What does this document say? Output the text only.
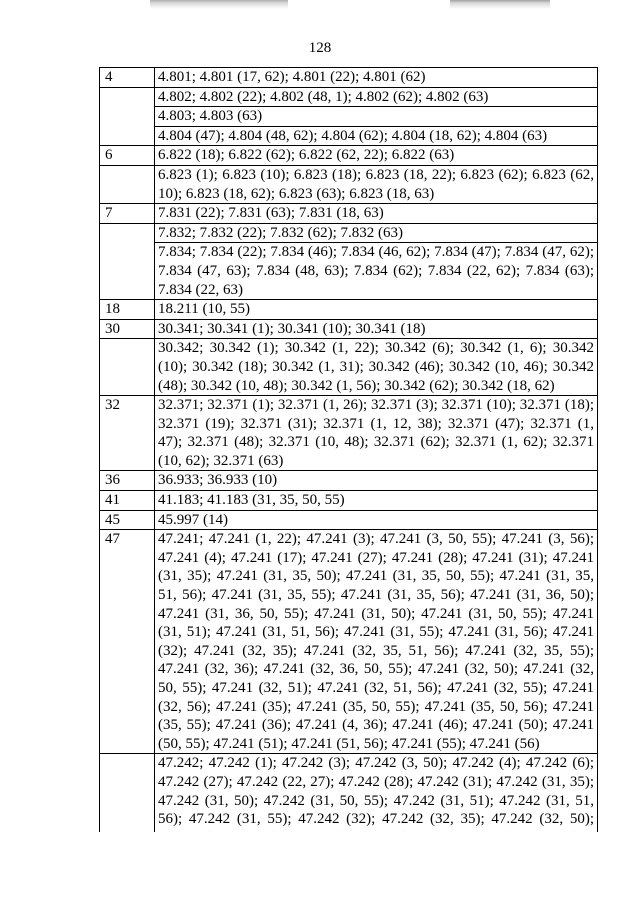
128
4	4.801; 4.801 (17, 62); 4.801 (22); 4.801 (62)
	4.802; 4.802 (22); 4.802 (48, 1); 4.802 (62); 4.802 (63)
	4.803; 4.803 (63)
	4.804 (47); 4.804 (48, 62); 4.804 (62); 4.804 (18, 62); 4.804 (63)
6	6.822 (18); 6.822 (62); 6.822 (62, 22); 6.822 (63)
	6.823 (1); 6.823 (10); 6.823 (18); 6.823 (18, 22); 6.823 (62); 6.823 (62, 10); 6.823 (18, 62); 6.823 (63); 6.823 (18, 63)
7	7.831 (22); 7.831 (63); 7.831 (18, 63)
	7.832; 7.832 (22); 7.832 (62); 7.832 (63)
	7.834; 7.834 (22); 7.834 (46); 7.834 (46, 62); 7.834 (47); 7.834 (47, 62); 7.834 (47, 63); 7.834 (48, 63); 7.834 (62); 7.834 (22, 62); 7.834 (63); 7.834 (22, 63)
18	18.211 (10, 55)
30	30.341; 30.341 (1); 30.341 (10); 30.341 (18)
	30.342; 30.342 (1); 30.342 (1, 22); 30.342 (6); 30.342 (1, 6); 30.342 (10); 30.342 (18); 30.342 (1, 31); 30.342 (46); 30.342 (10, 46); 30.342 (48); 30.342 (10, 48); 30.342 (1, 56); 30.342 (62); 30.342 (18, 62)
32	32.371; 32.371 (1); 32.371 (1, 26); 32.371 (3); 32.371 (10); 32.371 (18); 32.371 (19); 32.371 (31); 32.371 (1, 12, 38); 32.371 (47); 32.371 (1, 47); 32.371 (48); 32.371 (10, 48); 32.371 (62); 32.371 (1, 62); 32.371 (10, 62); 32.371 (63)
36	36.933; 36.933 (10)
41	41.183; 41.183 (31, 35, 50, 55)
45	45.997 (14)
47	47.241; 47.241 (1, 22); 47.241 (3); 47.241 (3, 50, 55); 47.241 (3, 56); 47.241 (4); 47.241 (17); 47.241 (27); 47.241 (28); 47.241 (31); 47.241 (31, 35); 47.241 (31, 35, 50); 47.241 (31, 35, 50, 55); 47.241 (31, 35, 51, 56); 47.241 (31, 35, 55); 47.241 (31, 35, 56); 47.241 (31, 36, 50); 47.241 (31, 36, 50, 55); 47.241 (31, 50); 47.241 (31, 50, 55); 47.241 (31, 51); 47.241 (31, 51, 56); 47.241 (31, 55); 47.241 (31, 56); 47.241 (32); 47.241 (32, 35); 47.241 (32, 35, 51, 56); 47.241 (32, 35, 55); 47.241 (32, 36); 47.241 (32, 36, 50, 55); 47.241 (32, 50); 47.241 (32, 50, 55); 47.241 (32, 51); 47.241 (32, 51, 56); 47.241 (32, 55); 47.241 (32, 56); 47.241 (35); 47.241 (35, 50, 55); 47.241 (35, 50, 56); 47.241 (35, 55); 47.241 (36); 47.241 (4, 36); 47.241 (46); 47.241 (50); 47.241 (50, 55); 47.241 (51); 47.241 (51, 56); 47.241 (55); 47.241 (56)
	47.242; 47.242 (1); 47.242 (3); 47.242 (3, 50); 47.242 (4); 47.242 (6); 47.242 (27); 47.242 (22, 27); 47.242 (28); 47.242 (31); 47.242 (31, 35); 47.242 (31, 50); 47.242 (31, 50, 55); 47.242 (31, 51); 47.242 (31, 51, 56); 47.242 (31, 55); 47.242 (32); 47.242 (32, 35); 47.242 (32, 50);
